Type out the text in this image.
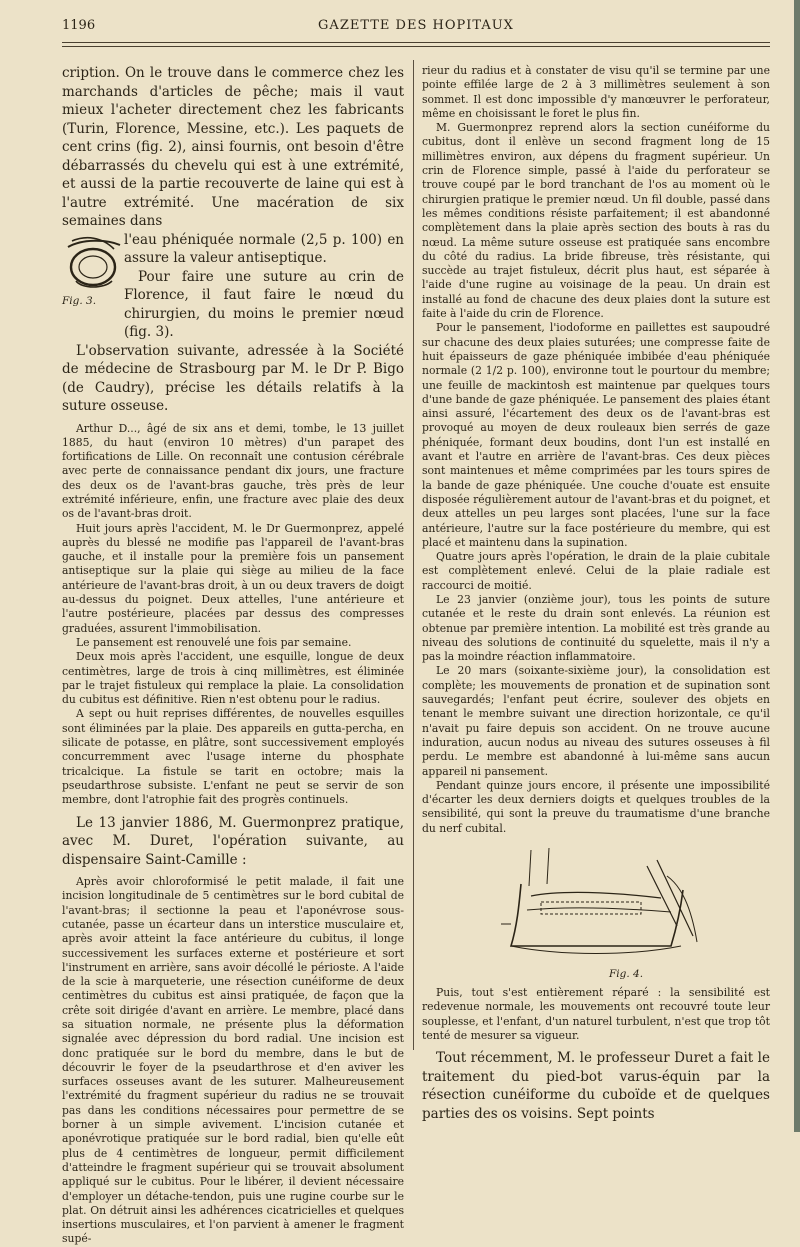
1196	GAZETTE DES HOPITAUX

cription. On le trouve dans le commerce chez les marchands d'articles de pêche; mais il vaut mieux l'acheter directement chez les fabricants (Turin, Florence, Messine, etc.). Les paquets de cent crins (fig. 2), ainsi fournis, ont besoin d'être débarrassés du chevelu qui est à une extrémité, et aussi de la partie recouverte de laine qui est à l'autre extrémité. Une macération de six semaines dans

Fig. 3.

l'eau phéniquée normale (2,5 p. 100) en assure la valeur antiseptique.

Pour faire une suture au crin de Florence, il faut faire le nœud du chirurgien, du moins le premier nœud (fig. 3).

L'observation suivante, adressée à la Société de médecine de Strasbourg par M. le Dr P. Bigo (de Caudry), précise les détails relatifs à la suture osseuse.

Arthur D..., âgé de six ans et demi, tombe, le 13 juillet 1885, du haut (environ 10 mètres) d'un parapet des fortifications de Lille. On reconnaît une contusion cérébrale avec perte de connaissance pendant dix jours, une fracture des deux os de l'avant-bras gauche, très près de leur extrémité inférieure, enfin, une fracture avec plaie des deux os de l'avant-bras droit.

Huit jours après l'accident, M. le Dr Guermonprez, appelé auprès du blessé ne modifie pas l'appareil de l'avant-bras gauche, et il installe pour la première fois un pansement antiseptique sur la plaie qui siège au milieu de la face antérieure de l'avant-bras droit, à un ou deux travers de doigt au-dessus du poignet. Deux attelles, l'une antérieure et l'autre postérieure, placées par dessus des compresses graduées, assurent l'immobilisation.

Le pansement est renouvelé une fois par semaine.

Deux mois après l'accident, une esquille, longue de deux centimètres, large de trois à cinq millimètres, est éliminée par le trajet fistuleux qui remplace la plaie. La consolidation du cubitus est définitive. Rien n'est obtenu pour le radius.

A sept ou huit reprises différentes, de nouvelles esquilles sont éliminées par la plaie. Des appareils en gutta-percha, en silicate de potasse, en plâtre, sont successivement employés concurremment avec l'usage interne du phosphate tricalcique. La fistule se tarit en octobre; mais la pseudarthrose subsiste. L'enfant ne peut se servir de son membre, dont l'atrophie fait des progrès continuels.

Le 13 janvier 1886, M. Guermonprez pratique, avec M. Duret, l'opération suivante, au dispensaire Saint-Camille :

Après avoir chloroformisé le petit malade, il fait une incision longitudinale de 5 centimètres sur le bord cubital de l'avant-bras; il sectionne la peau et l'aponévrose sous-cutanée, passe un écarteur dans un interstice musculaire et, après avoir atteint la face antérieure du cubitus, il longe successivement les surfaces externe et postérieure et sort l'instrument en arrière, sans avoir décollé le périoste. A l'aide de la scie à marqueterie, une résection cunéiforme de deux centimètres du cubitus est ainsi pratiquée, de façon que la crête soit dirigée d'avant en arrière. Le membre, placé dans sa situation normale, ne présente plus la déformation signalée avec dépression du bord radial. Une incision est donc pratiquée sur le bord du membre, dans le but de découvrir le foyer de la pseudarthrose et d'en aviver les surfaces osseuses avant de les suturer. Malheureusement l'extrémité du fragment supérieur du radius ne se trouvait pas dans les conditions nécessaires pour permettre de se borner à un simple avivement. L'incision cutanée et aponévrotique pratiquée sur le bord radial, bien qu'elle eût plus de 4 centimètres de longueur, permit difficilement d'atteindre le fragment supérieur qui se trouvait absolument appliqué sur le cubitus. Pour le libérer, il devient nécessaire d'employer un détache-tendon, puis une rugine courbe sur le plat. On détruit ainsi les adhérences cicatricielles et quelques insertions musculaires, et l'on parvient à amener le fragment supé-

rieur du radius et à constater de visu qu'il se termine par une pointe effilée large de 2 à 3 millimètres seulement à son sommet. Il est donc impossible d'y manœuvrer le perforateur, même en choisissant le foret le plus fin.

M. Guermonprez reprend alors la section cunéiforme du cubitus, dont il enlève un second fragment long de 15 millimètres environ, aux dépens du fragment supérieur. Un crin de Florence simple, passé à l'aide du perforateur se trouve coupé par le bord tranchant de l'os au moment où le chirurgien pratique le premier nœud. Un fil double, passé dans les mêmes conditions résiste parfaitement; il est abandonné complètement dans la plaie après section des bouts à ras du nœud. La même suture osseuse est pratiquée sans encombre du côté du radius. La bride fibreuse, très résistante, qui succède au trajet fistuleux, décrit plus haut, est séparée à l'aide d'une rugine au voisinage de la peau. Un drain est installé au fond de chacune des deux plaies dont la suture est faite à l'aide du crin de Florence.

Pour le pansement, l'iodoforme en paillettes est saupoudré sur chacune des deux plaies suturées; une compresse faite de huit épaisseurs de gaze phéniquée imbibée d'eau phéniquée normale (2 1/2 p. 100), environne tout le pourtour du membre; une feuille de mackintosh est maintenue par quelques tours d'une bande de gaze phéniquée. Le pansement des plaies étant ainsi assuré, l'écartement des deux os de l'avant-bras est provoqué au moyen de deux rouleaux bien serrés de gaze phéniquée, formant deux boudins, dont l'un est installé en avant et l'autre en arrière de l'avant-bras. Ces deux pièces sont maintenues et même comprimées par les tours spires de la bande de gaze phéniquée. Une couche d'ouate est ensuite disposée régulièrement autour de l'avant-bras et du poignet, et deux attelles un peu larges sont placées, l'une sur la face antérieure, l'autre sur la face postérieure du membre, qui est placé et maintenu dans la supination.

Quatre jours après l'opération, le drain de la plaie cubitale est complètement enlevé. Celui de la plaie radiale est raccourci de moitié.

Le 23 janvier (onzième jour), tous les points de suture cutanée et le reste du drain sont enlevés. La réunion est obtenue par première intention. La mobilité est très grande au niveau des solutions de continuité du squelette, mais il n'y a pas la moindre réaction inflammatoire.

Le 20 mars (soixante-sixième jour), la consolidation est complète; les mouvements de pronation et de supination sont sauvegardés; l'enfant peut écrire, soulever des objets en tenant le membre suivant une direction horizontale, ce qu'il n'avait pu faire depuis son accident. On ne trouve aucune induration, aucun nodus au niveau des sutures osseuses à fil perdu. Le membre est abandonné à lui-même sans aucun appareil ni pansement.

Pendant quinze jours encore, il présente une impossibilité d'écarter les deux derniers doigts et quelques troubles de la sensibilité, qui sont la preuve du traumatisme d'une branche du nerf cubital.

Fig. 4.

Puis, tout s'est entièrement réparé : la sensibilité est redevenue normale, les mouvements ont recouvré toute leur souplesse, et l'enfant, d'un naturel turbulent, n'est que trop tôt tenté de mesurer sa vigueur.

Tout récemment, M. le professeur Duret a fait le traitement du pied-bot varus-équin par la résection cunéiforme du cuboïde et de quelques parties des os voisins. Sept points
